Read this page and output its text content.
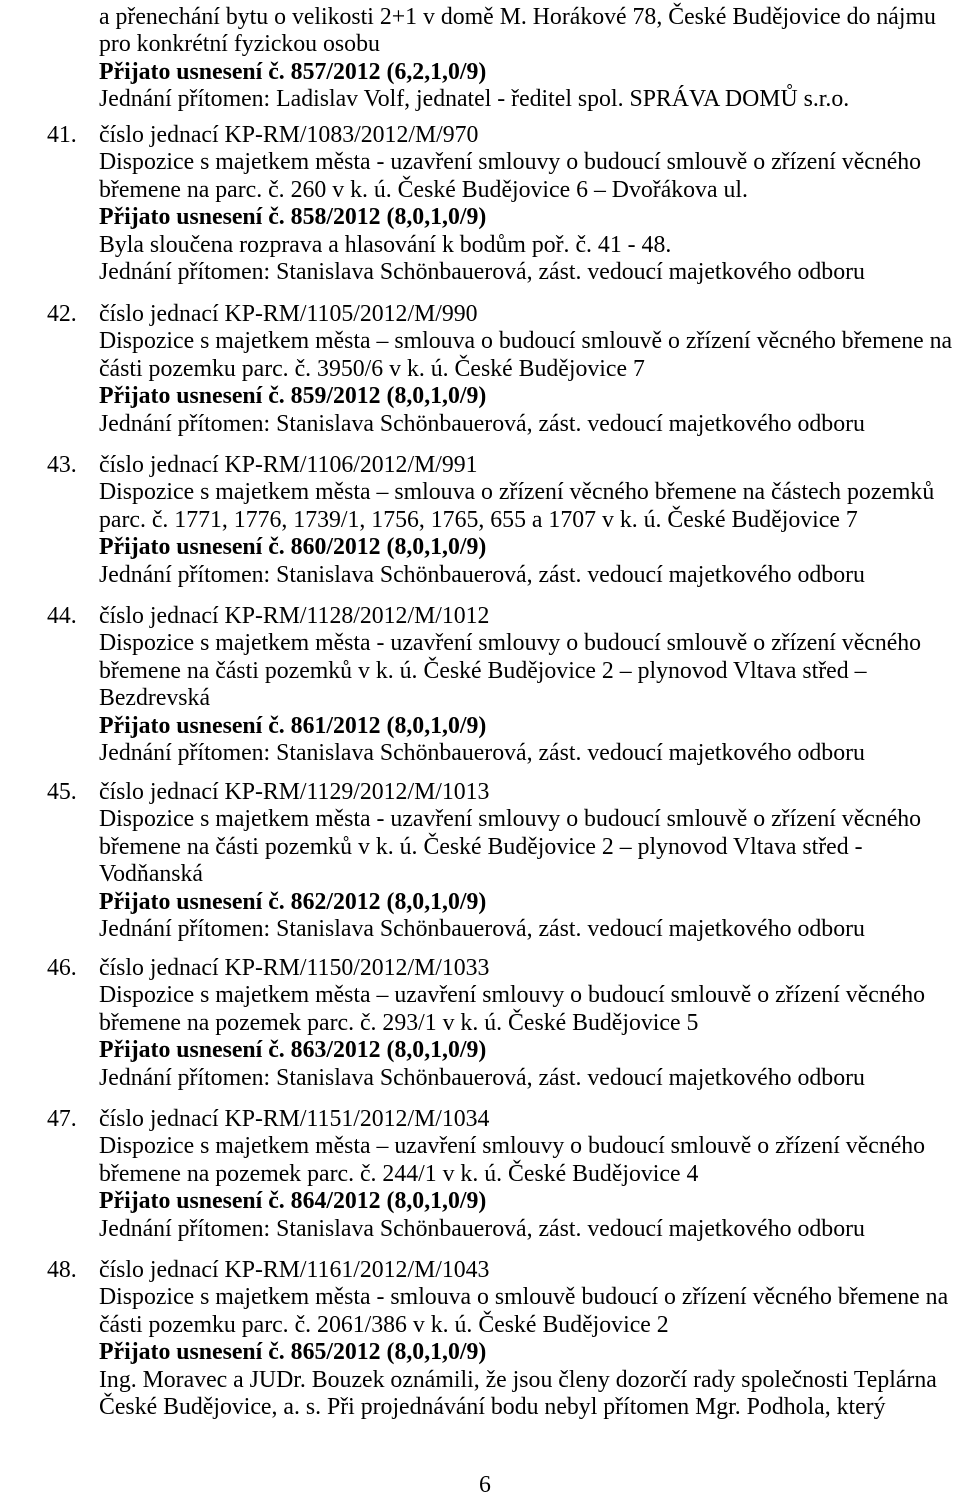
a přenechání bytu o velikosti 2+1 v domě M. Horákové 78, České Budějovice do nájmu
pro konkrétní fyzickou osobu
Přijato usnesení č. 857/2012 (6,2,1,0/9)
Jednání přítomen: Ladislav Volf, jednatel - ředitel spol. SPRÁVA DOMŮ s.r.o.
41. číslo jednací KP-RM/1083/2012/M/970
Dispozice s majetkem města - uzavření smlouvy o budoucí smlouvě o zřízení věcného
břemene na parc. č. 260 v k. ú. České Budějovice 6 – Dvořákova ul.
Přijato usnesení č. 858/2012 (8,0,1,0/9)
Byla sloučena rozprava a hlasování k bodům poř. č. 41 - 48.
Jednání přítomen: Stanislava Schönbauerová, zást. vedoucí majetkového odboru
42. číslo jednací KP-RM/1105/2012/M/990
Dispozice s majetkem města – smlouva o budoucí smlouvě o zřízení věcného břemene na
části pozemku parc. č. 3950/6 v k. ú. České Budějovice 7
Přijato usnesení č. 859/2012 (8,0,1,0/9)
Jednání přítomen: Stanislava Schönbauerová, zást. vedoucí majetkového odboru
43. číslo jednací KP-RM/1106/2012/M/991
Dispozice s majetkem města – smlouva o zřízení věcného břemene na částech pozemků
parc. č. 1771, 1776, 1739/1, 1756, 1765, 655 a 1707 v k. ú. České Budějovice 7
Přijato usnesení č. 860/2012 (8,0,1,0/9)
Jednání přítomen: Stanislava Schönbauerová, zást. vedoucí majetkového odboru
44. číslo jednací KP-RM/1128/2012/M/1012
Dispozice s majetkem města - uzavření smlouvy o budoucí smlouvě o zřízení věcného
břemene na části pozemků v k. ú. České Budějovice 2 – plynovod Vltava střed –
Bezdrevská
Přijato usnesení č. 861/2012 (8,0,1,0/9)
Jednání přítomen: Stanislava Schönbauerová, zást. vedoucí majetkového odboru
45. číslo jednací KP-RM/1129/2012/M/1013
Dispozice s majetkem města - uzavření smlouvy o budoucí smlouvě o zřízení věcného
břemene na části pozemků v k. ú. České Budějovice 2 – plynovod Vltava střed -
Vodňanská
Přijato usnesení č. 862/2012 (8,0,1,0/9)
Jednání přítomen: Stanislava Schönbauerová, zást. vedoucí majetkového odboru
46. číslo jednací KP-RM/1150/2012/M/1033
Dispozice s majetkem města – uzavření smlouvy o budoucí smlouvě o zřízení věcného
břemene na pozemek parc. č. 293/1 v k. ú. České Budějovice 5
Přijato usnesení č. 863/2012 (8,0,1,0/9)
Jednání přítomen: Stanislava Schönbauerová, zást. vedoucí majetkového odboru
47. číslo jednací KP-RM/1151/2012/M/1034
Dispozice s majetkem města – uzavření smlouvy o budoucí smlouvě o zřízení věcného
břemene na pozemek parc. č. 244/1 v k. ú. České Budějovice 4
Přijato usnesení č. 864/2012 (8,0,1,0/9)
Jednání přítomen: Stanislava Schönbauerová, zást. vedoucí majetkového odboru
48. číslo jednací KP-RM/1161/2012/M/1043
Dispozice s majetkem města - smlouva o smlouvě budoucí o zřízení věcného břemene na
části pozemku parc. č. 2061/386 v k. ú. České Budějovice 2
Přijato usnesení č. 865/2012 (8,0,1,0/9)
Ing. Moravec a JUDr. Bouzek oznámili, že jsou členy dozorčí rady společnosti Teplárna
České Budějovice, a. s. Při projednávání bodu nebyl přítomen Mgr. Podhola, který
6
